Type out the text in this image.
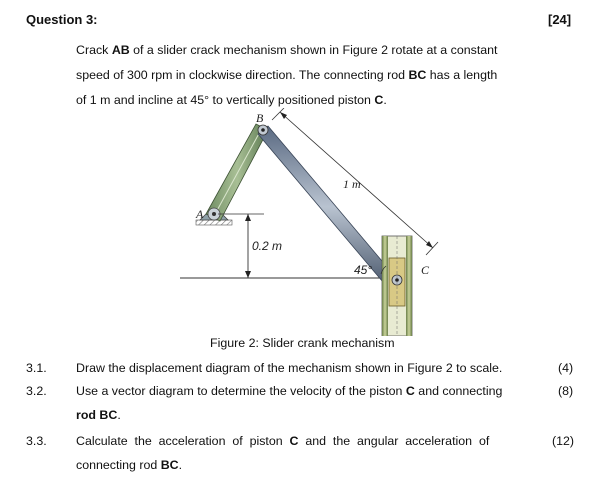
Question 3:	[24]
Crack AB of a slider crack mechanism shown in Figure 2 rotate at a constant
speed of 300 rpm in clockwise direction. The connecting rod BC has a length
of 1 m and incline at 45° to vertically positioned piston C.
B
A
C
1 m
0.2 m
45°
Figure 2: Slider crank mechanism
3.1. Draw the displacement diagram of the mechanism shown in Figure 2 to scale.	(4)
3.2. Use a vector diagram to determine the velocity of the piston C and connecting
rod BC.
(8)
3.3. Calculate  the  acceleration  of  piston  C  and  the  angular  acceleration  of
connecting rod BC.
(12)
